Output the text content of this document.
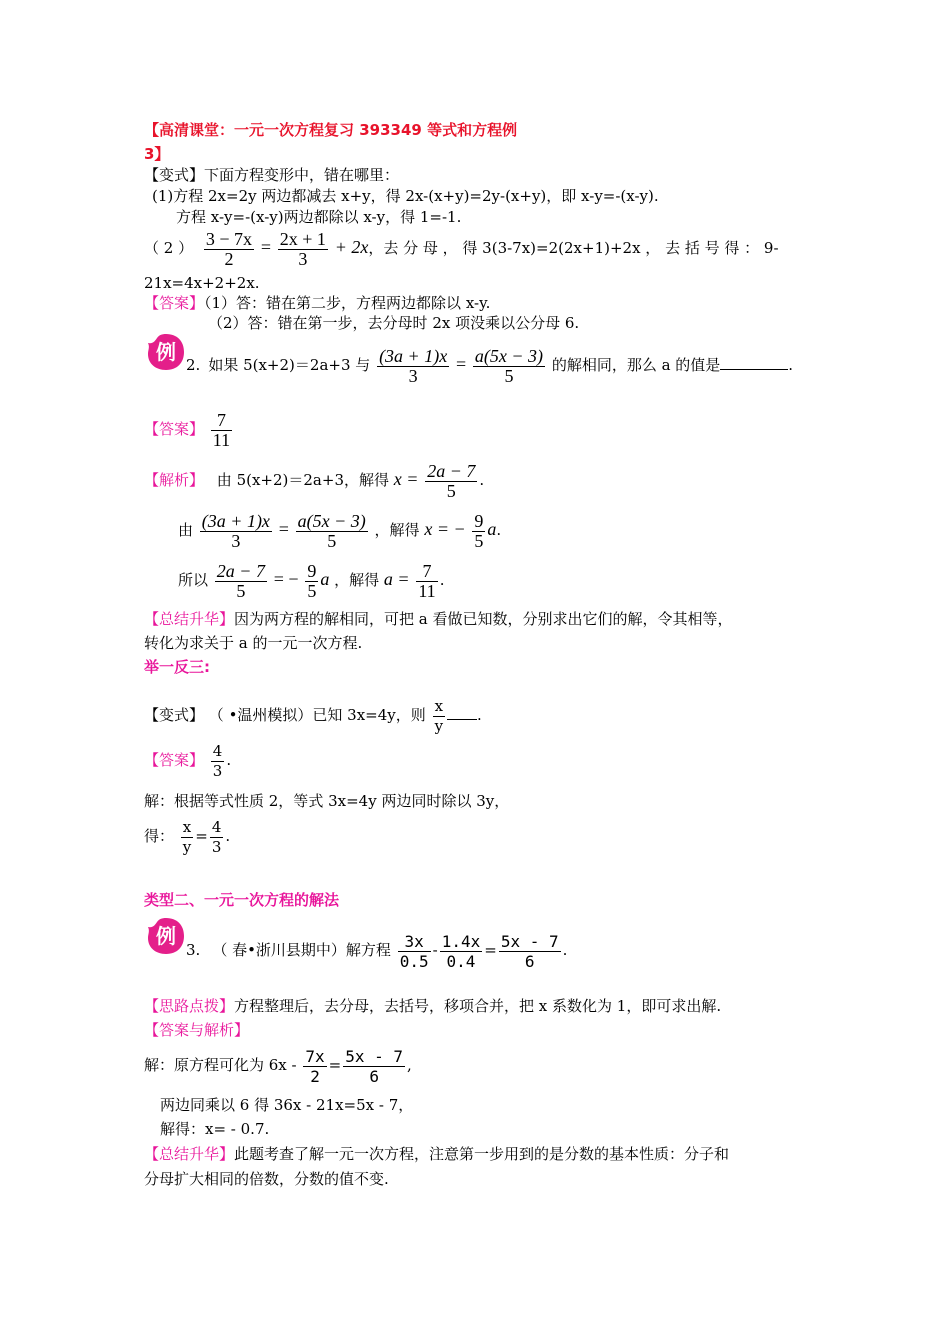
【高清课堂：一元一次方程复习 393349 等式和方程例
3】
【变式】下面方程变形中，错在哪里：
(1)方程 2x=2y 两边都减去 x+y，得 2x-(x+y)=2y-(x+y)，即 x-y=-(x-y).
方程 x-y=-(x-y)两边都除以 x-y，得 1=-1.
（ 2 ） $\frac{3 - 7x}{2} = \frac{2x + 1}{3} + 2x$，去 分 母 ， 得 3(3-7x)=2(2x+1)+2x ， 去 括 号 得 ： 9-
21x=4x+2+2x.
【答案】（1）答：错在第二步，方程两边都除以 x-y.
（2）答：错在第一步，去分母时 2x 项没乘以公分母 6.
例
2. 如果 5(x+2)＝2a+3 与 $\frac{(3a + 1)x}{3} = \frac{a(5x - 3)}{5}$ 的解相同，那么 a 的值是	.
【答案】 $\frac{7}{11}$
【解析】 由 5(x+2)＝2a+3，解得 $x = \frac{2a - 7}{5}$ .
由 $\frac{(3a + 1)x}{3} = \frac{a(5x - 3)}{5}$ ，解得 x = − $\frac{9}{5} a$.
所以 $\frac{2a - 7}{5}$ = − $\frac{9}{5}$ a ，解得 $a = \frac{7}{11}$ .
【总结升华】因为两方程的解相同，可把 a 看做已知数，分别求出它们的解，令其相等，
转化为求关于 a 的一元一次方程.
举一反三:
【变式】 （ •温州模拟）已知 3x=4y，则 $\frac{x}{y}$ .
【答案】 $\frac{4}{3}$ .
解：根据等式性质 2，等式 3x=4y 两边同时除以 3y，
得： $\frac{x}{y} = \frac{4}{3}$ .
类型二、一元一次方程的解法
例
3. （ 春•浙川县期中）解方程 $\frac{3x}{0.5} - \frac{1.4x}{0.4} = \frac{5x - 7}{6}$ .
【思路点拨】方程整理后，去分母，去括号，移项合并，把 x 系数化为 1，即可求出解.
【答案与解析】
解：原方程可化为 $6x - \frac{7x}{2} = \frac{5x - 7}{6}$ ,
两边同乘以 6 得 36x - 21x=5x - 7，
解得：x= - 0.7.
【总结升华】此题考查了解一元一次方程，注意第一步用到的是分数的基本性质：分子和
分母扩大相同的倍数，分数的值不变.
